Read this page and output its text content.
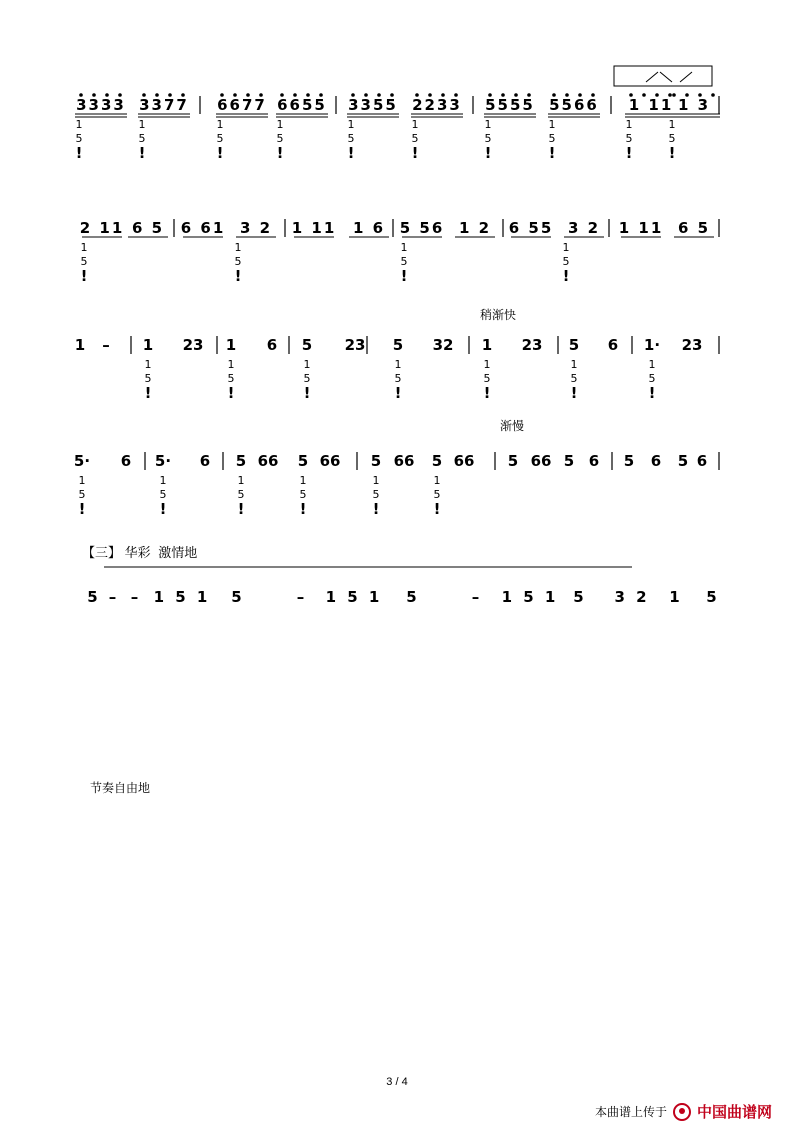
3333
1
5
!
3377
1
5
!
6677
1
5
!
6655
1
5
!
3355
1
5
!
2233
1
5
!
5555
1
5
!
5566
1
5
!
1 11
1
5
!
1 3
1
5
!
2 11
1
5
!
6 5 6 61 3 2
1
5
!
1 11 1 6 5 56
1
5
!
1 2 6 55 3 2
1
5
!
1 11 6 5
1 – 1
1
5
!
23 1
1
5
!
6 5
1
5
!
23 5
1
5
!
32 1
1
5
!
23 5
1
5
!
6 1·
1
5
!
23
5·
1
5
!
6 5·
1
5
!
6 5
1
5
!
66 5
1
5
!
66 5
1
5
!
66 5
1
5
!
66 5 66 5 6 5 6 5 6
5 – – 1 5 1 5	– 1 5 1 5	– 1 5 1 5 3 2 1 5
稍渐快
渐慢
【三】 华彩 激情地
节奏自由地
3 / 4
本曲谱上传于 中国曲谱网
